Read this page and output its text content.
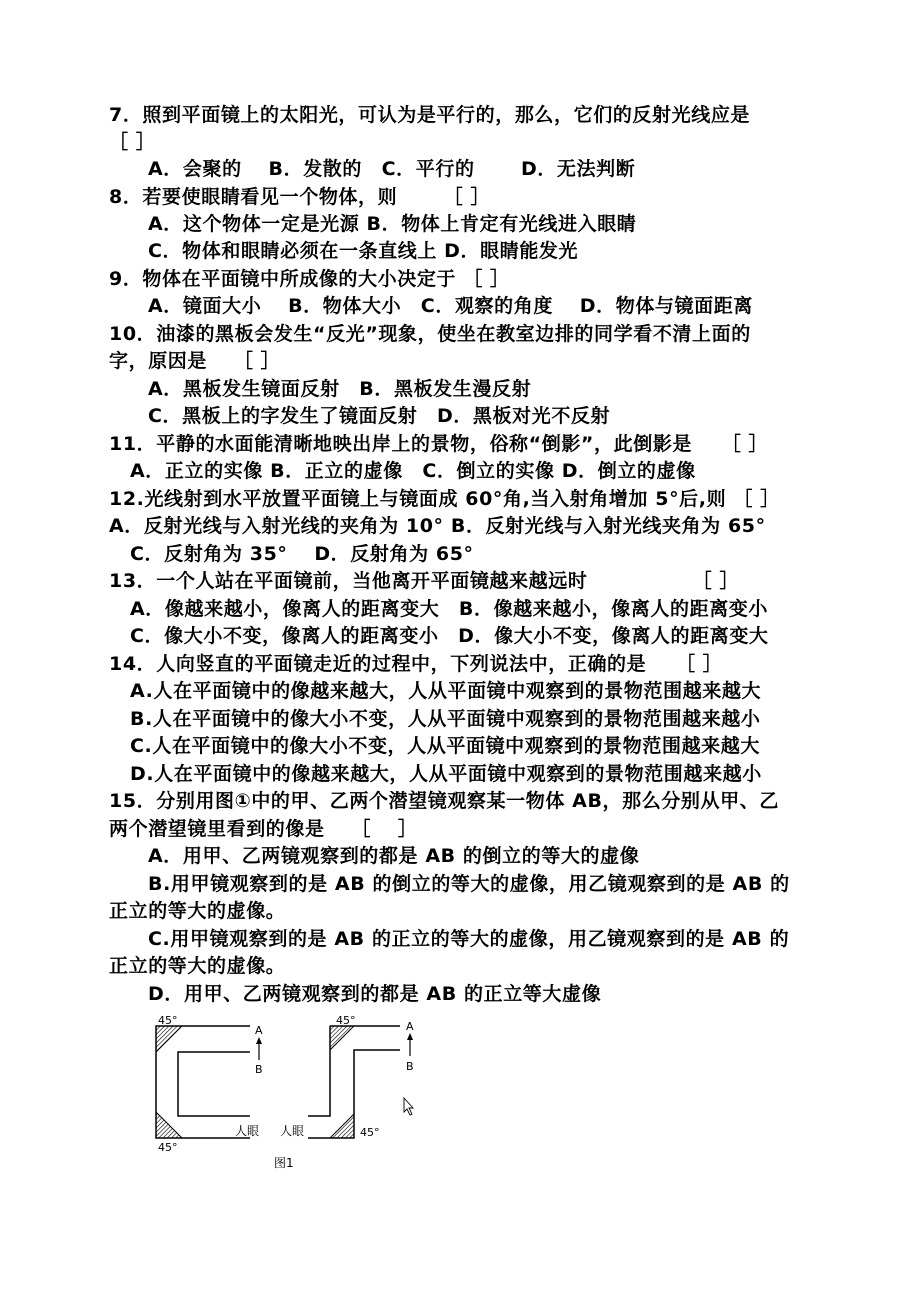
7．照到平面镜上的太阳光，可认为是平行的，那么，它们的反射光线应是
［ ］
A．会聚的　 B．发散的　C．平行的　　 D．无法判断
8．若要使眼睛看见一个物体，则　　 ［ ］
A．这个物体一定是光源 B．物体上肯定有光线进入眼睛
C．物体和眼睛必须在一条直线上 D．眼睛能发光
9．物体在平面镜中所成像的大小决定于 ［ ］
A．镜面大小　 B．物体大小　C．观察的角度　 D．物体与镜面距离
10．油漆的黑板会发生“反光”现象，使坐在教室边排的同学看不清上面的
字，原因是　 ［ ］
A．黑板发生镜面反射　B．黑板发生漫反射
C．黑板上的字发生了镜面反射　D．黑板对光不反射
11．平静的水面能清晰地映出岸上的景物，俗称“倒影”，此倒影是　　［ ］
A．正立的实像 B．正立的虚像　C．倒立的实像 D．倒立的虚像
12.光线射到水平放置平面镜上与镜面成 60°角,当入射角增加 5°后,则 ［ ］
A．反射光线与入射光线的夹角为 10° B．反射光线与入射光线夹角为 65°
C．反射角为 35°　 D．反射角为 65°
13．一个人站在平面镜前，当他离开平面镜越来越远时　　　　　 ［ ］
A．像越来越小，像离人的距离变大　B．像越来越小，像离人的距离变小
C．像大小不变，像离人的距离变小　D．像大小不变，像离人的距离变大
14．人向竖直的平面镜走近的过程中，下列说法中，正确的是　　［ ］
A.人在平面镜中的像越来越大，人从平面镜中观察到的景物范围越来越大
B.人在平面镜中的像大小不变，人从平面镜中观察到的景物范围越来越小
C.人在平面镜中的像大小不变，人从平面镜中观察到的景物范围越来越大
D.人在平面镜中的像越来越大，人从平面镜中观察到的景物范围越来越小
15．分别用图①中的甲、乙两个潜望镜观察某一物体 AB，那么分别从甲、乙
两个潜望镜里看到的像是　 ［　 ］
A．用甲、乙两镜观察到的都是 AB 的倒立的等大的虚像
B.用甲镜观察到的是 AB 的倒立的等大的虚像，用乙镜观察到的是 AB 的
正立的等大的虚像。
C.用甲镜观察到的是 AB 的正立的等大的虚像，用乙镜观察到的是 AB 的
正立的等大的虚像。
D．用甲、乙两镜观察到的都是 AB 的正立等大虚像
45°
45°
人眼
A
B
45°
45°
人眼
A
B
图1
